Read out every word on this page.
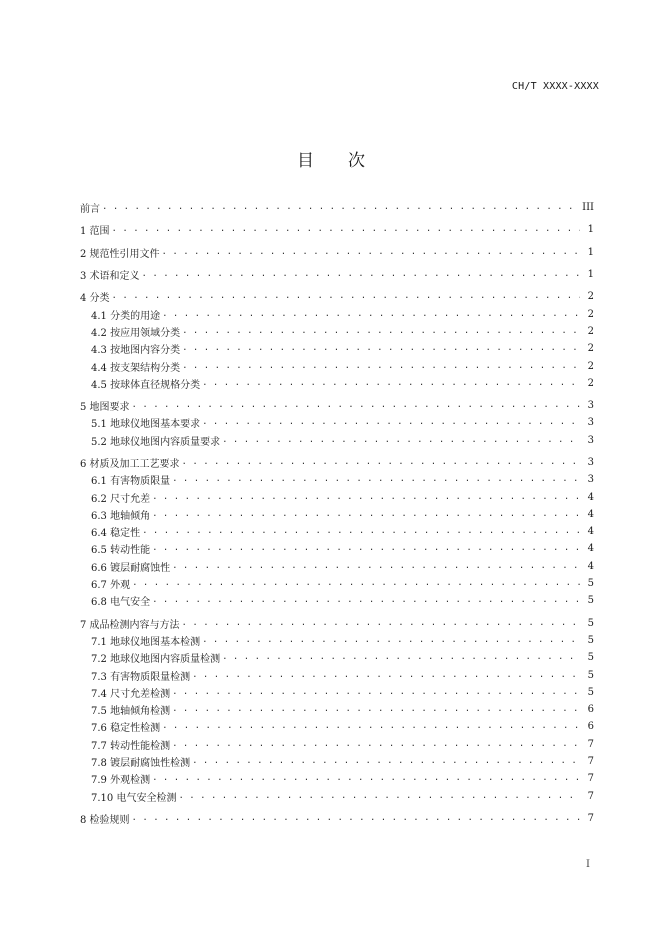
CH/T XXXX-XXXX
目 次
前言 . . .	III
1 范围 . . .	1
2 规范性引用文件 . . .	1
3 术语和定义 . . .	1
4 分类 . . .	2
4.1 分类的用途 . . .	2
4.2 按应用领域分类 . . .	2
4.3 按地图内容分类 . . .	2
4.4 按支架结构分类 . . .	2
4.5 按球体直径规格分类 . . .	2
5 地图要求 . . .	3
5.1 地球仪地图基本要求 . . .	3
5.2 地球仪地图内容质量要求 . . .	3
6 材质及加工工艺要求 . . .	3
6.1 有害物质限量 . . .	3
6.2 尺寸允差 . . .	4
6.3 地轴倾角 . . .	4
6.4 稳定性 . . .	4
6.5 转动性能 . . .	4
6.6 镀层耐腐蚀性 . . .	4
6.7 外观 . . .	5
6.8 电气安全 . . .	5
7 成品检测内容与方法 . . .	5
7.1 地球仪地图基本检测 . . .	5
7.2 地球仪地图内容质量检测 . . .	5
7.3 有害物质限量检测 . . .	5
7.4 尺寸允差检测 . . .	5
7.5 地轴倾角检测 . . .	6
7.6 稳定性检测 . . .	6
7.7 转动性能检测 . . .	7
7.8 镀层耐腐蚀性检测 . . .	7
7.9 外观检测 . . .	7
7.10 电气安全检测 . . .	7
8 检验规则 . . .	7
I
